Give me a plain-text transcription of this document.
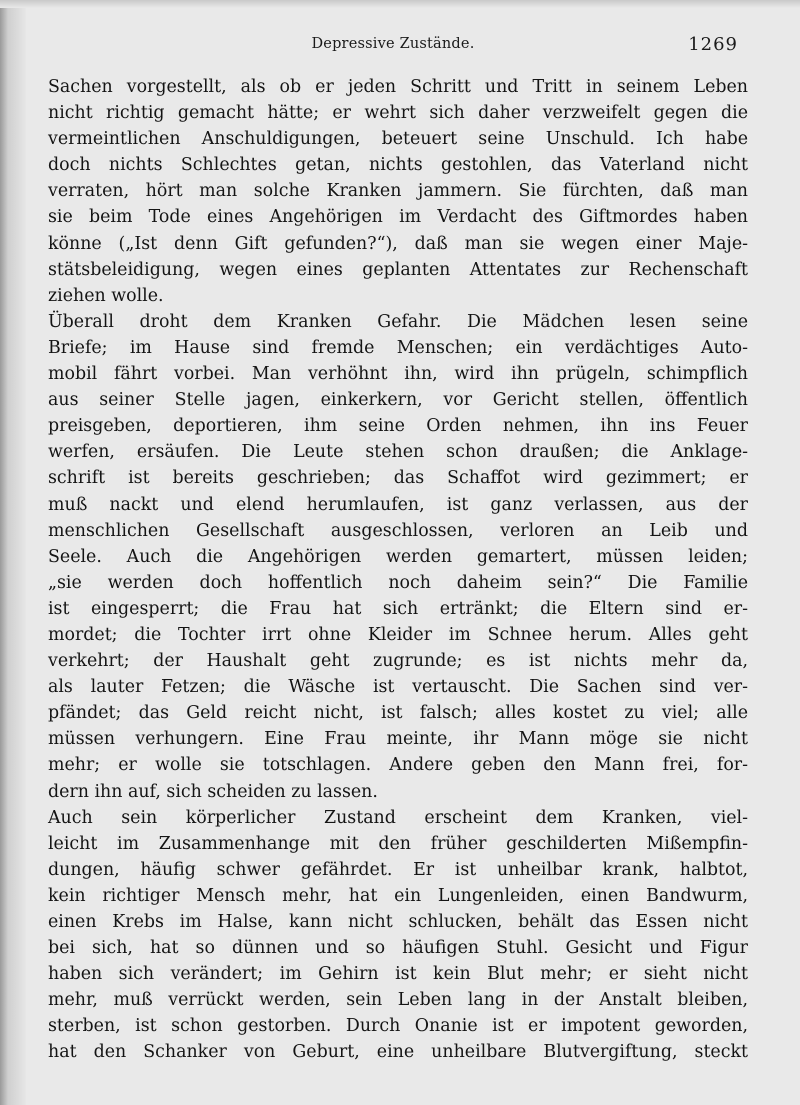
Depressive Zustände.	1269
Sachen vorgestellt, als ob er jeden Schritt und Tritt in seinem Leben
nicht richtig gemacht hätte; er wehrt sich daher verzweifelt gegen die
vermeintlichen Anschuldigungen, beteuert seine Unschuld. Ich habe
doch nichts Schlechtes getan, nichts gestohlen, das Vaterland nicht
verraten, hört man solche Kranken jammern. Sie fürchten, daß man
sie beim Tode eines Angehörigen im Verdacht des Giftmordes haben
könne („Ist denn Gift gefunden?“), daß man sie wegen einer Maje-
stätsbeleidigung, wegen eines geplanten Attentates zur Rechenschaft
ziehen wolle.
Überall droht dem Kranken Gefahr. Die Mädchen lesen seine
Briefe; im Hause sind fremde Menschen; ein verdächtiges Auto-
mobil fährt vorbei. Man verhöhnt ihn, wird ihn prügeln, schimpflich
aus seiner Stelle jagen, einkerkern, vor Gericht stellen, öffentlich
preisgeben, deportieren, ihm seine Orden nehmen, ihn ins Feuer
werfen, ersäufen. Die Leute stehen schon draußen; die Anklage-
schrift ist bereits geschrieben; das Schaffot wird gezimmert; er
muß nackt und elend herumlaufen, ist ganz verlassen, aus der
menschlichen Gesellschaft ausgeschlossen, verloren an Leib und
Seele. Auch die Angehörigen werden gemartert, müssen leiden;
„sie werden doch hoffentlich noch daheim sein?“ Die Familie
ist eingesperrt; die Frau hat sich ertränkt; die Eltern sind er-
mordet; die Tochter irrt ohne Kleider im Schnee herum. Alles geht
verkehrt; der Haushalt geht zugrunde; es ist nichts mehr da,
als lauter Fetzen; die Wäsche ist vertauscht. Die Sachen sind ver-
pfändet; das Geld reicht nicht, ist falsch; alles kostet zu viel; alle
müssen verhungern. Eine Frau meinte, ihr Mann möge sie nicht
mehr; er wolle sie totschlagen. Andere geben den Mann frei, for-
dern ihn auf, sich scheiden zu lassen.
Auch sein körperlicher Zustand erscheint dem Kranken, viel-
leicht im Zusammenhange mit den früher geschilderten Mißempfin-
dungen, häufig schwer gefährdet. Er ist unheilbar krank, halbtot,
kein richtiger Mensch mehr, hat ein Lungenleiden, einen Bandwurm,
einen Krebs im Halse, kann nicht schlucken, behält das Essen nicht
bei sich, hat so dünnen und so häufigen Stuhl. Gesicht und Figur
haben sich verändert; im Gehirn ist kein Blut mehr; er sieht nicht
mehr, muß verrückt werden, sein Leben lang in der Anstalt bleiben,
sterben, ist schon gestorben. Durch Onanie ist er impotent geworden,
hat den Schanker von Geburt, eine unheilbare Blutvergiftung, steckt
